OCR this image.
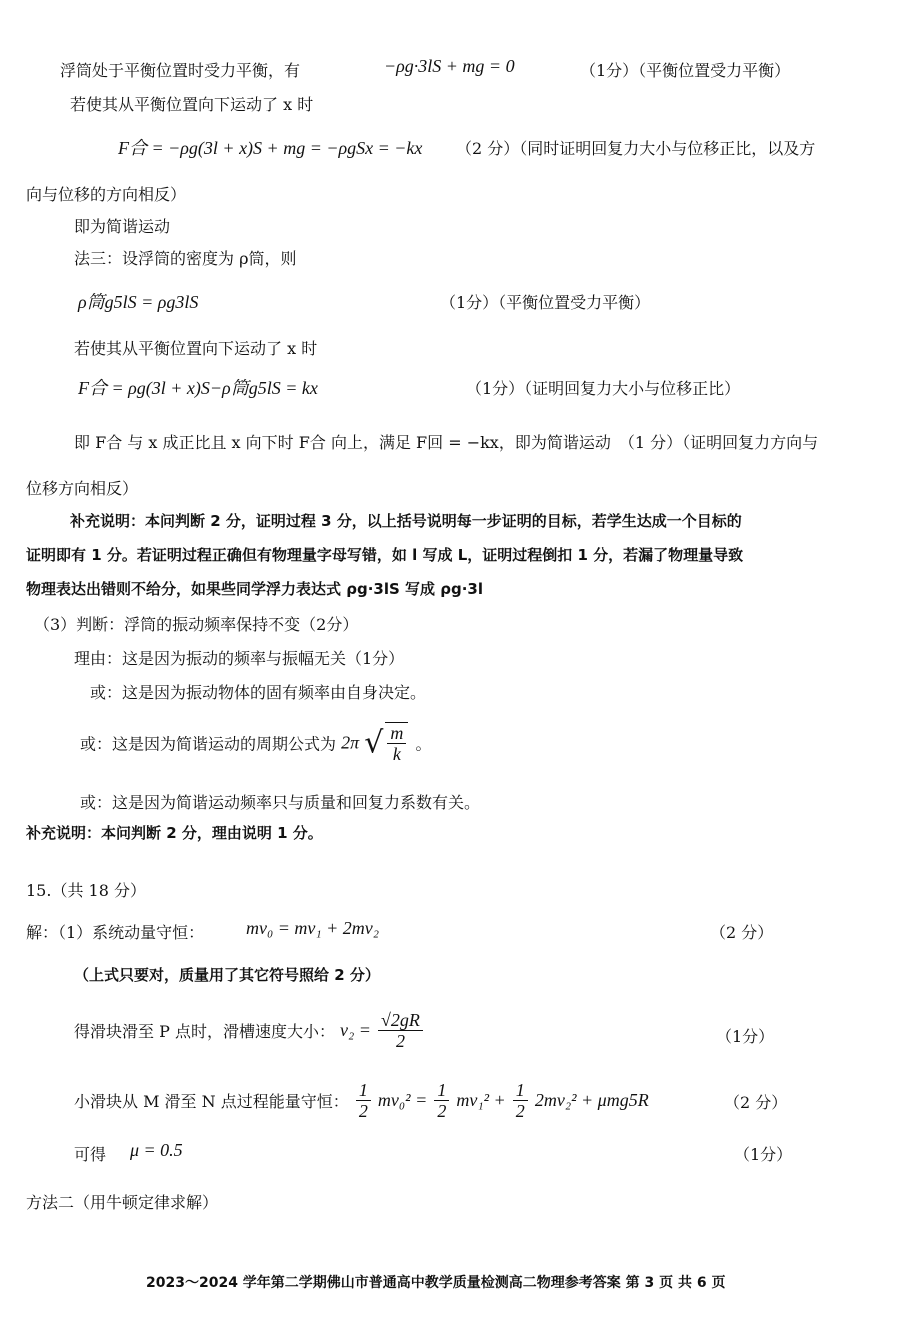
浮筒处于平衡位置时受力平衡，有	−ρg·3lS + mg = 0	（1分）（平衡位置受力平衡）
若使其从平衡位置向下运动了 x 时
F合 = −ρg(3l + x)S + mg = −ρgSx = −kx （2 分）（同时证明回复力大小与位移正比，以及方
向与位移的方向相反）
即为简谐运动
法三：设浮筒的密度为 ρ筒，则
ρ筒g5lS = ρg3lS	（1分）（平衡位置受力平衡）
若使其从平衡位置向下运动了 x 时
F合 = ρg(3l + x)S−ρ筒g5lS = kx	（1分）（证明回复力大小与位移正比）
即 F合 与 x 成正比且 x 向下时 F合 向上，满足 F回 = −kx，即为简谐运动　（1 分）（证明回复力方向与
位移方向相反）
补充说明：本问判断 2 分，证明过程 3 分，以上括号说明每一步证明的目标，若学生达成一个目标的
证明即有 1 分。若证明过程正确但有物理量字母写错，如 l 写成 L，证明过程倒扣 1 分，若漏了物理量导致
物理表达出错则不给分，如果些同学浮力表达式 ρg·3lS 写成 ρg·3l
（3）判断：浮筒的振动频率保持不变（2分）
理由：这是因为振动的频率与振幅无关（1分）
或：这是因为振动物体的固有频率由自身决定。
或：这是因为简谐运动的周期公式为 2π √ $\frac{m}{k}$ 。
或：这是因为简谐运动频率只与质量和回复力系数有关。
补充说明：本问判断 2 分，理由说明 1 分。
15.（共 18 分）
解：（1）系统动量守恒： mv₀ = mv₁ + 2mv₂	（2 分）
（上式只要对，质量用了其它符号照给 2 分）
得滑块滑至 P 点时，滑槽速度大小： $v_2 = \frac{√2gR}{2}$	（1分）
小滑块从 M 滑至 N 点过程能量守恒： $\frac{1}{2} mv_0^2 = \frac{1}{2} mv_1^2 + \frac{1}{2} 2mv_2^2 + \mu mg5R$	（2 分）
可得 μ = 0.5	（1分）
方法二（用牛顿定律求解）
2023～2024 学年第二学期佛山市普通高中教学质量检测高二物理参考答案 第 3 页 共 6 页
